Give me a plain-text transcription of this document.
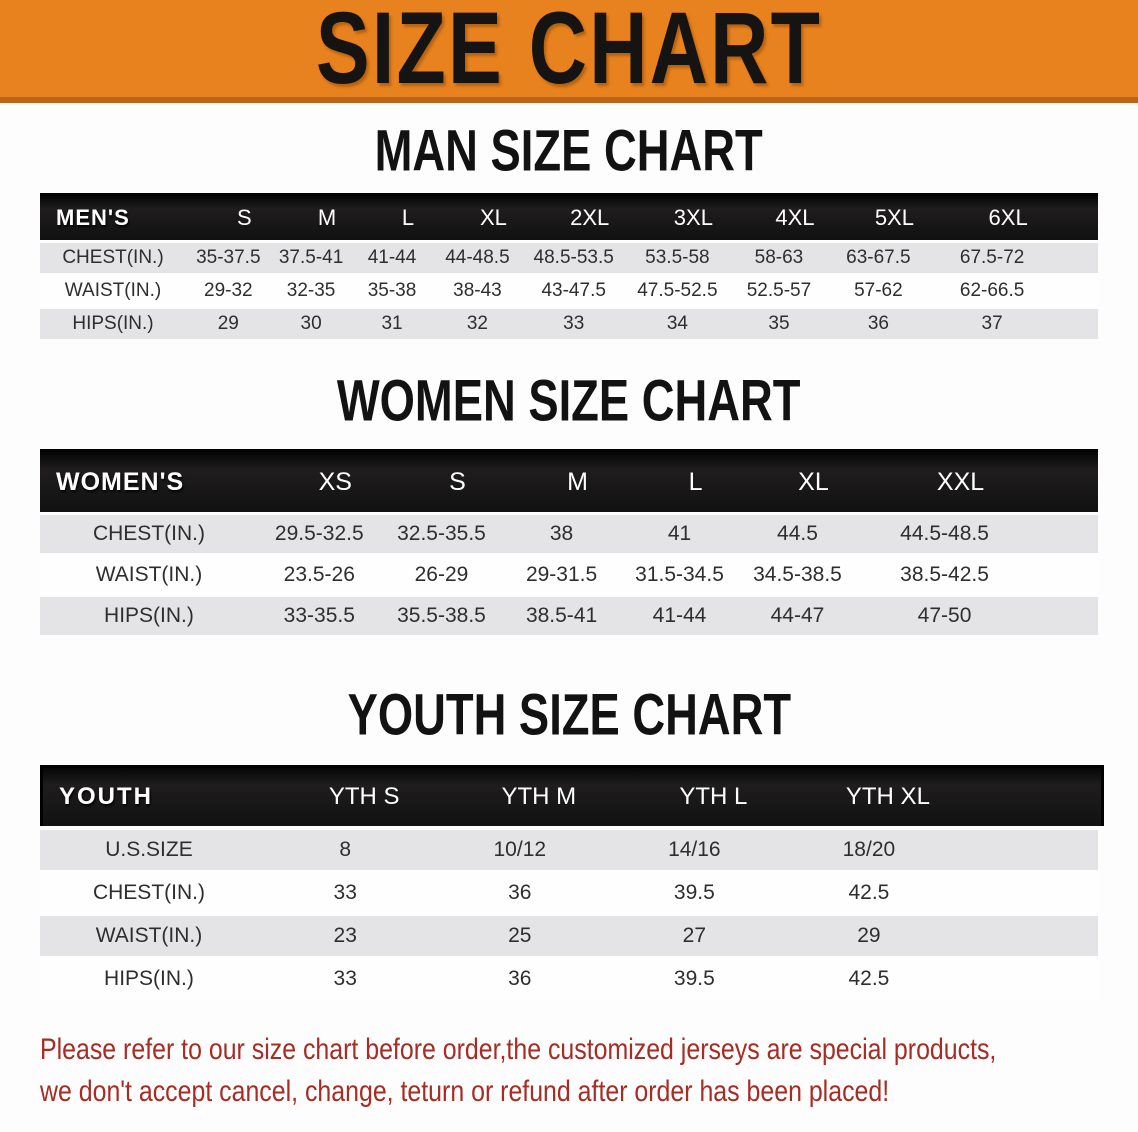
SIZE CHART
MAN SIZE CHART
MEN'S	S	M	L	XL	2XL	3XL	4XL	5XL	6XL
CHEST(IN.)	35-37.5 37.5-41	41-44	44-48.5	48.5-53.5	53.5-58	58-63	63-67.5	67.5-72
WAIST(IN.)	29-32	32-35	35-38	38-43	43-47.5	47.5-52.5	52.5-57	57-62	62-66.5
HIPS(IN.)	29	30	31	32	33	34	35	36	37
WOMEN SIZE CHART
WOMEN'S	XS	S	M	L	XL	XXL
CHEST(IN.)	29.5-32.5	32.5-35.5	38	41	44.5	44.5-48.5
WAIST(IN.)	23.5-26	26-29	29-31.5	31.5-34.5	34.5-38.5	38.5-42.5
HIPS(IN.)	33-35.5	35.5-38.5	38.5-41	41-44	44-47	47-50
YOUTH SIZE CHART
YOUTH	YTH S	YTH M	YTH L	YTH XL
U.S.SIZE	8	10/12	14/16	18/20
CHEST(IN.)	33	36	39.5	42.5
WAIST(IN.)	23	25	27	29
HIPS(IN.)	33	36	39.5	42.5
Please refer to our size chart before order,the customized jerseys are special products,
we don't accept cancel, change, teturn or refund after order has been placed!
